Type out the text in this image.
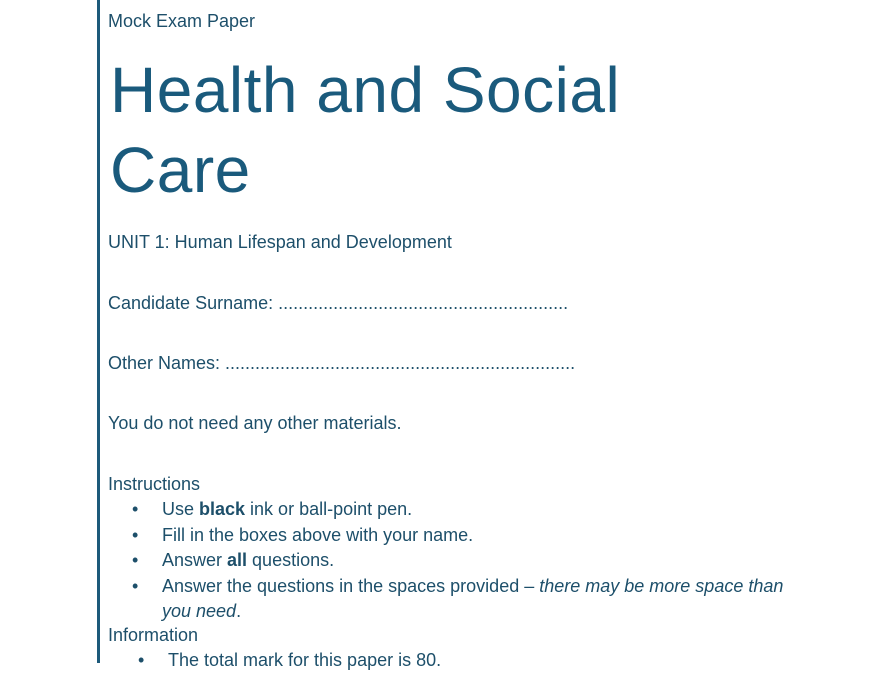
Mock Exam Paper
Health and Social Care
UNIT 1: Human Lifespan and Development
Candidate Surname: ..........................................................
Other Names: ......................................................................
You do not need any other materials.
Instructions
• Use black ink or ball-point pen.
• Fill in the boxes above with your name.
• Answer all questions.
• Answer the questions in the spaces provided – there may be more space than you need.
Information
• The total mark for this paper is 80.
